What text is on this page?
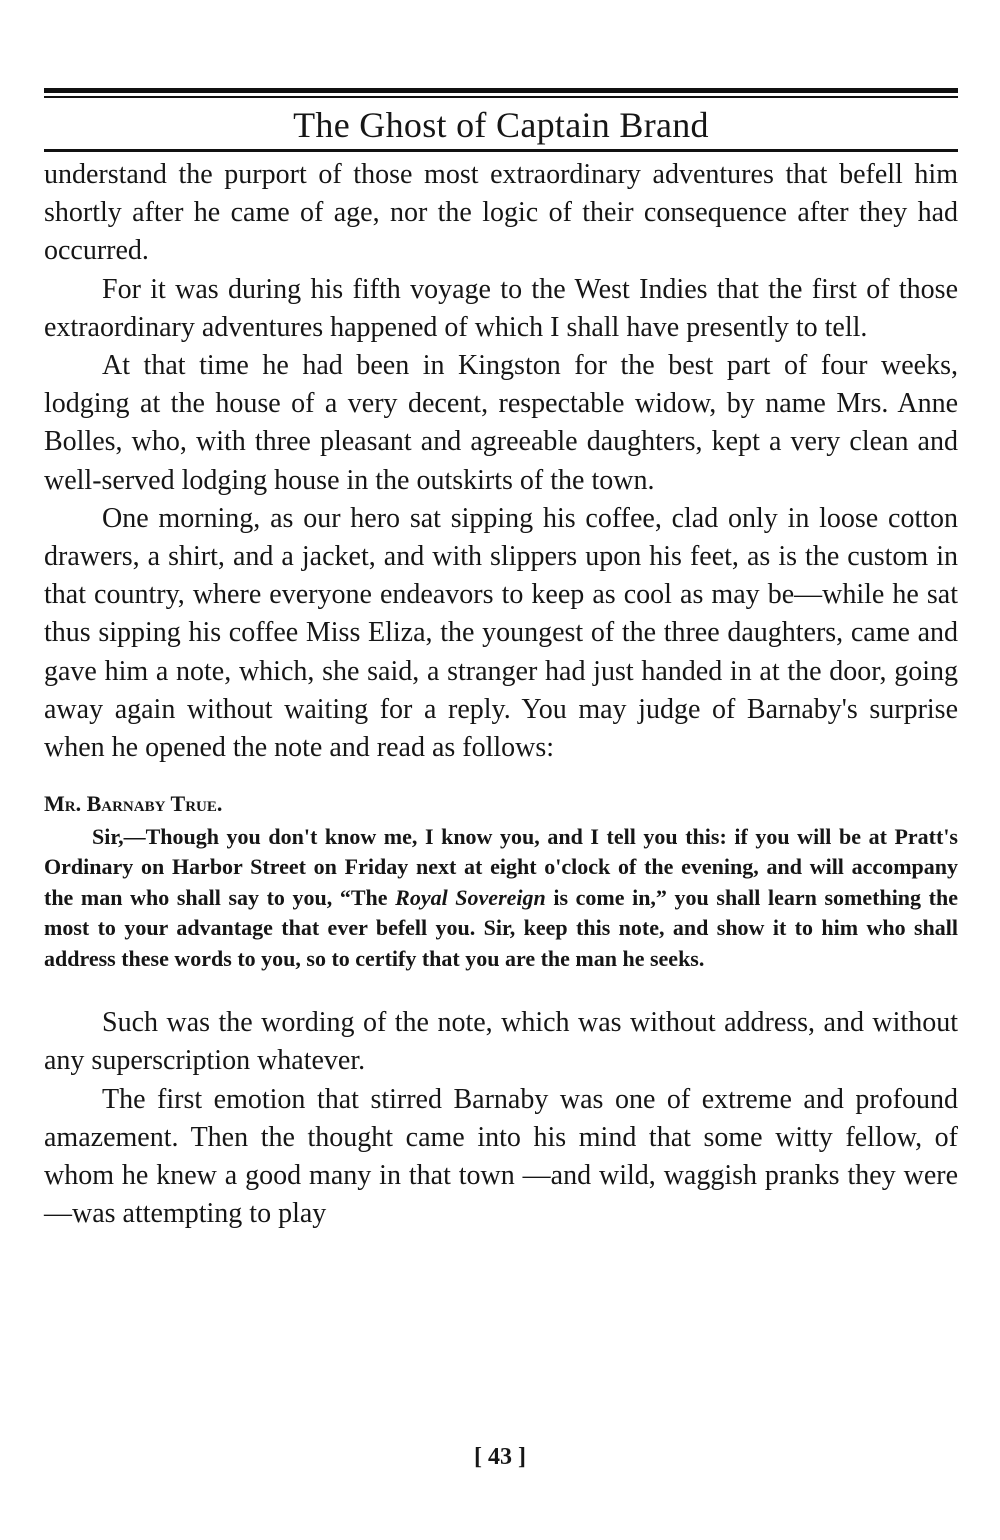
The Ghost of Captain Brand

understand the purport of those most extraordinary adventures that befell him shortly after he came of age, nor the logic of their consequence after they had occurred.

For it was during his fifth voyage to the West Indies that the first of those extraordinary adventures happened of which I shall have presently to tell.

At that time he had been in Kingston for the best part of four weeks, lodging at the house of a very decent, respectable widow, by name Mrs. Anne Bolles, who, with three pleasant and agreeable daughters, kept a very clean and well-served lodging house in the outskirts of the town.

One morning, as our hero sat sipping his coffee, clad only in loose cotton drawers, a shirt, and a jacket, and with slippers upon his feet, as is the custom in that country, where everyone endeavors to keep as cool as may be—while he sat thus sipping his coffee Miss Eliza, the youngest of the three daughters, came and gave him a note, which, she said, a stranger had just handed in at the door, going away again without waiting for a reply. You may judge of Barnaby's surprise when he opened the note and read as follows:

Mr. Barnaby True.

Sir,—Though you don't know me, I know you, and I tell you this: if you will be at Pratt's Ordinary on Harbor Street on Friday next at eight o'clock of the evening, and will accompany the man who shall say to you, “The Royal Sovereign is come in,” you shall learn something the most to your advantage that ever befell you. Sir, keep this note, and show it to him who shall address these words to you, so to certify that you are the man he seeks.

Such was the wording of the note, which was without address, and without any superscription whatever.

The first emotion that stirred Barnaby was one of extreme and profound amazement. Then the thought came into his mind that some witty fellow, of whom he knew a good many in that town —and wild, waggish pranks they were—was attempting to play

[ 43 ]
